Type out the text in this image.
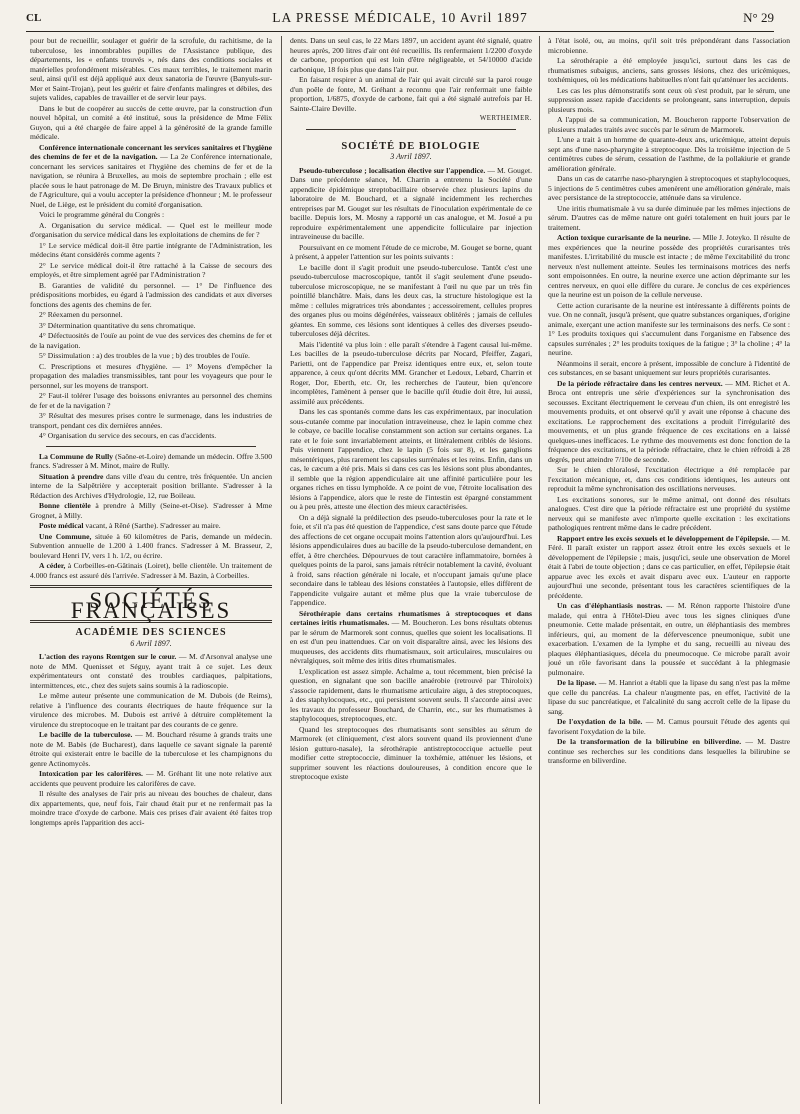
CL	LA PRESSE MÉDICALE, 10 Avril 1897	N° 29

pour but de recueillir, soulager et guérir de la scrofule, du rachitisme, de la tuberculose, les innombrables pupilles de l'Assistance publique, des départements, les « enfants trouvés », nés dans des conditions sociales et matérielles profondément misérables. Ces maux terribles, le traitement marin seul, ainsi qu'il est déjà appliqué aux deux sanatoria de l'œuvre (Banyuls-sur-Mer et Saint-Trojan), peut les guérir et faire d'enfants malingres et débiles, des sujets valides, capables de travailler et de servir leur pays.

Dans le but de coopérer au succès de cette œuvre, par la construction d'un nouvel hôpital, un comité a été institué, sous la présidence de Mme Félix Guyon, qui a été chargée de faire appel à la générosité de la grande famille médicale.

Conférence internationale concernant les services sanitaires et l'hygiène des chemins de fer et de la navigation. — La 2e Conférence internationale, concernant les services sanitaires et l'hygiène des chemins de fer et de la navigation, se réunira à Bruxelles, au mois de septembre prochain ; elle est placée sous le haut patronage de M. De Bruyn, ministre des Travaux publics et de l'Agriculture, qui a voulu accepter la présidence d'honneur ; M. le professeur Nuel, de Liège, est le président du comité d'organisation.

Voici le programme général du Congrès :

A. Organisation du service médical. — Quel est le meilleur mode d'organisation du service médical dans les exploitations de chemins de fer ?

1° Le service médical doit-il être partie intégrante de l'Administration, les médecins étant considérés comme agents ?

2° Le service médical doit-il être rattaché à la Caisse de secours des employés, et être simplement agréé par l'Administration ?

B. Garanties de validité du personnel. — 1° De l'influence des prédispositions morbides, eu égard à l'admission des candidats et aux diverses fonctions des agents des chemins de fer.

2° Réexamen du personnel.

3° Détermination quantitative du sens chromatique.

4° Défectuosités de l'ouïe au point de vue des services des chemins de fer et de la navigation.

5° Dissimulation : a) des troubles de la vue ; b) des troubles de l'ouïe.

C. Prescriptions et mesures d'hygiène. — 1° Moyens d'empêcher la propagation des maladies transmissibles, tant pour les voyageurs que pour le personnel, sur les moyens de transport.

2° Faut-il tolérer l'usage des boissons enivrantes au personnel des chemins de fer et de la navigation ?

3° Résultat des mesures prises contre le surmenage, dans les industries de transport, pendant ces dix dernières années.

4° Organisation du service des secours, en cas d'accidents.

La Commune de Rully (Saône-et-Loire) demande un médecin. Offre 3.500 francs. S'adresser à M. Minot, maire de Rully.

Situation à prendre dans ville d'eau du centre, très fréquentée. Un ancien interne de la Salpêtrière y accepterait position brillante. S'adresser à la Rédaction des Archives d'Hydrologie, 12, rue Boileau.

Bonne clientèle à prendre à Milly (Seine-et-Oise). S'adresser à Mme Grognet, à Milly.

Poste médical vacant, à Rêné (Sarthe). S'adresser au maire.

Une Commune, située à 60 kilomètres de Paris, demande un médecin. Subvention annuelle de 1.200 à 1.400 francs. S'adresser à M. Brasseur, 2, boulevard Henri IV, vers 1 h. 1/2, ou écrire.

A céder, à Corbeilles-en-Gâtinais (Loiret), belle clientèle. Un traitement de 4.000 francs est assuré dès l'arrivée. S'adresser à M. Bazin, à Corbeilles.

SOCIÉTÉS FRANÇAISES
ACADÉMIE DES SCIENCES
6 Avril 1897.

L'action des rayons Rœntgen sur le cœur. — M. d'Arsonval analyse une note de MM. Quenisset et Séguy, ayant trait à ce sujet. Les deux expérimentateurs ont constaté des troubles cardiaques, palpitations, intermittences, etc., chez des sujets sains soumis à la radioscopie.

Le même auteur présente une communication de M. Dubois (de Reims), relative à l'influence des courants électriques de haute fréquence sur la virulence des microbes. M. Dubois est arrivé à détruire complètement la virulence du streptocoque en le traitant par des courants de ce genre.

Le bacille de la tuberculose. — M. Bouchard résume à grands traits une note de M. Babès (de Bucharest), dans laquelle ce savant signale la parenté étroite qui existerait entre le bacille de la tuberculose et les champignons du genre Actinomycès.

Intoxication par les calorifères. — M. Gréhant lit une note relative aux accidents que peuvent produire les calorifères de cave.

Il résulte des analyses de l'air pris au niveau des bouches de chaleur, dans dix appartements, que, neuf fois, l'air chaud était pur et ne renfermait pas la moindre trace d'oxyde de carbone. Mais ces prises d'air avaient été faites trop longtemps après l'apparition des acci-

dents. Dans un seul cas, le 22 Mars 1897, un accident ayant été signalé, quatre heures après, 200 litres d'air ont été recueillis. Ils renfermaient 1/2200 d'oxyde de carbone, proportion qui est loin d'être négligeable, et 54/10000 d'acide carbonique, 18 fois plus que dans l'air pur.

En faisant respirer à un animal de l'air qui avait circulé sur la paroi rouge d'un poêle de fonte, M. Gréhant a reconnu que l'air renfermait une faible proportion, 1/6875, d'oxyde de carbone, fait qui a été signalé autrefois par H. Sainte-Claire Deville.

WERTHEIMER.

SOCIÉTÉ DE BIOLOGIE
3 Avril 1897.

Pseudo-tuberculose ; localisation élective sur l'appendice. — M. Gouget. Dans une précédente séance, M. Charrin a entretenu la Société d'une appendicite épidémique streptobacillaire observée chez plusieurs lapins du laboratoire de M. Bouchard, et a signalé incidemment les recherches entreprises par M. Gouget sur les résultats de l'inoculation expérimentale de ce bacille. Depuis lors, M. Mosny a rapporté un cas analogue, et M. Josué a pu reproduire expérimentalement une appendicite folliculaire par injection intraveineuse du bacille.

Poursuivant en ce moment l'étude de ce microbe, M. Gouget se borne, quant à présent, à appeler l'attention sur les points suivants :

Le bacille dont il s'agit produit une pseudo-tuberculose. Tantôt c'est une pseudo-tuberculose macroscopique, tantôt il s'agit seulement d'une pseudo-tuberculose microscopique, ne se manifestant à l'œil nu que par un très fin pointillé blanchâtre. Mais, dans les deux cas, la structure histologique est la même : cellules migratrices très abondantes ; accessoirement, cellules propres des organes plus ou moins dégénérées, vaisseaux oblitérés ; jamais de cellules géantes. En somme, ces lésions sont identiques à celles des diverses pseudo-tuberculoses déjà décrites.

Mais l'identité va plus loin : elle paraît s'étendre à l'agent causal lui-même. Les bacilles de la pseudo-tuberculose décrits par Nocard, Pfeiffer, Zagari, Parietti, ont de l'appendice par Preisz identiques entre eux, et, selon toute apparence, à ceux qu'ont décrits MM. Grancher et Ledoux, Lebard, Charrin et Roger, Dor, Eberth, etc. Or, les recherches de l'auteur, bien qu'encore incomplètes, l'amènent à penser que le bacille qu'il étudie doit être, lui aussi, assimilé aux précédents.

Dans les cas spontanés comme dans les cas expérimentaux, par inoculation sous-cutanée comme par inoculation intraveineuse, chez le lapin comme chez le cobaye, ce bacille localise constamment son action sur certains organes. La rate et le foie sont invariablement atteints, et littéralement criblés de lésions. Puis viennent l'appendice, chez le lapin (5 fois sur 8), et les ganglions mésentériques, plus rarement les capsules surrénales et les reins. Enfin, dans un cas, le cæcum a été pris. Mais si dans ces cas les lésions sont plus abondantes, il semble que la région appendiculaire ait une affinité particulière pour les organes riches en tissu lymphoïde. A ce point de vue, l'étroite localisation des lésions à l'appendice, alors que le reste de l'intestin est épargné constamment ou à peu près, atteste une élection des mieux caractérisées.

On a déjà signalé la prédilection des pseudo-tuberculoses pour la rate et le foie, et s'il n'a pas été question de l'appendice, c'est sans doute parce que l'étude des affections de cet organe occupait moins l'attention alors qu'aujourd'hui. Les lésions appendiculaires dues au bacille de la pseudo-tuberculose demandent, en effet, à être cherchées. Dépourvues de tout caractère inflammatoire, bornées à quelques points de la paroi, sans jamais rétrécir notablement la cavité, évoluant à froid, sans réaction générale ni locale, et n'occupant jamais qu'une place secondaire dans le tableau des lésions constatées à l'autopsie, elles diffèrent de l'appendicite vulgaire autant et même plus que la vraie tuberculose de l'appendice.

Sérothérapie dans certains rhumatismes à streptocoques et dans certaines iritis rhumatismales. — M. Boucheron. Les bons résultats obtenus par le sérum de Marmorek sont connus, quelles que soient les localisations. Il en est d'un peu inattendues. Car on voit disparaître ainsi, avec les lésions des muqueuses, des accidents dits rhumatismaux, soit articulaires, musculaires ou névralgiques, soit même des iritis dites rhumatismales.

L'explication est assez simple. Achalme a, tout récemment, bien précisé la question, en signalant que son bacille anaérobie (retrouvé par Thiroloix) s'associe rapidement, dans le rhumatisme articulaire aigu, à des streptocoques, à des staphylocoques, etc., qui persistent souvent seuls. Il s'accorde ainsi avec les travaux du professeur Bouchard, de Charrin, etc., sur les rhumatismes à staphylocoques, streptocoques, etc.

Quand les streptocoques des rhumatisants sont sensibles au sérum de Marmorek (et cliniquement, c'est alors souvent quand ils proviennent d'une lésion gutturo-nasale), la sérothérapie antistreptococcique actuelle peut modifier cette streptococcie, diminuer la toxhémie, atténuer les lésions, et supprimer souvent les réactions douloureuses, à condition encore que le streptocoque existe

à l'état isolé, ou, au moins, qu'il soit très prépondérant dans l'association microbienne.

La sérothérapie a été employée jusqu'ici, surtout dans les cas de rhumatismes subaigus, anciens, sans grosses lésions, chez des uricémiques, toxhémiques, où les médications habituelles n'ont fait qu'atténuer les accidents.

Les cas les plus démonstratifs sont ceux où s'est produit, par le sérum, une suppression assez rapide d'accidents se prolongeant, sans interruption, depuis plusieurs mois.

A l'appui de sa communication, M. Boucheron rapporte l'observation de plusieurs malades traités avec succès par le sérum de Marmorek.

L'une a trait à un homme de quarante-deux ans, uricémique, atteint depuis sept ans d'une naso-pharyngite à streptocoque. Dès la troisième injection de 5 centimètres cubes de sérum, cessation de l'asthme, de la pollakiurie et grande amélioration générale.

Dans un cas de catarrhe naso-pharyngien à streptocoques et staphylocoques, 5 injections de 5 centimètres cubes amenèrent une amélioration générale, mais avec persistance de la streptococcie, atténuée dans sa virulence.

Une iritis rhumatismale à vu sa durée diminuée par les mêmes injections de sérum. D'autres cas de même nature ont guéri totalement en huit jours par le traitement.

Action toxique curarisante de la neurine. — Mlle J. Joteyko. Il résulte de mes expériences que la neurine possède des propriétés curarisantes très manifestes. L'irritabilité du muscle est intacte ; de même l'excitabilité du tronc nerveux n'est nullement atteinte. Seules les terminaisons motrices des nerfs sont empoisonnées. En outre, la neurine exerce une action déprimante sur les centres nerveux, en quoi elle diffère du curare. Je conclus de ces expériences que la neurine est un poison de la cellule nerveuse.

Cette action curarisante de la neurine est intéressante à différents points de vue. On ne connaît, jusqu'à présent, que quatre substances organiques, d'origine animale, exerçant une action manifeste sur les terminaisons des nerfs. Ce sont : 1° Les produits toxiques qui s'accumulent dans l'organisme en l'absence des capsules surrénales ; 2° les produits toxiques de la fatigue ; 3° la choline ; 4° la neurine.

Néanmoins il serait, encore à présent, impossible de conclure à l'identité de ces substances, en se basant uniquement sur leurs propriétés curarisantes.

De la période réfractaire dans les centres nerveux. — MM. Richet et A. Broca ont entrepris une série d'expériences sur la synchronisation des secousses. Excitant électriquement le cerveau d'un chien, ils ont enregistré les mouvements produits, et ont observé qu'il y avait une réponse à chacune des excitations. Le rapprochement des excitations a produit l'irrégularité des mouvements, et un plus grande fréquence de ces excitations en a laissé quelques-unes inefficaces. Le rythme des mouvements est donc fonction de la fréquence des excitations, et la période réfractaire, chez le chien réfroidi à 28 degrés, peut atteindre 7/10e de seconde.

Sur le chien chloralosé, l'excitation électrique a été remplacée par l'excitation mécanique, et, dans ces conditions identiques, les auteurs ont reproduit la même synchronisation des oscillations nerveuses.

Les excitations sonores, sur le même animal, ont donné des résultats analogues. C'est dire que la période réfractaire est une propriété du système nerveux qui se manifeste avec n'importe quelle excitation : les excitations pathologiques rentrent même dans le cadre précédent.

Rapport entre les excès sexuels et le développement de l'épilepsie. — M. Féré. Il paraît exister un rapport assez étroit entre les excès sexuels et le développement de l'épilepsie ; mais, jusqu'ici, seule une observation de Morel était à l'abri de toute objection ; dans ce cas particulier, en effet, l'épilepsie était apparue avec les excès et avait disparu avec eux. L'auteur en rapporte aujourd'hui une seconde, présentant tous les caractères scientifiques de la précédente.

Un cas d'éléphantiasis nostras. — M. Rénon rapporte l'histoire d'une malade, qui entra à l'Hôtel-Dieu avec tous les signes cliniques d'une pneumonie. Cette malade présentait, en outre, un éléphantiasis des membres inférieurs, qui, au moment de la défervescence pneumonique, subit une exacerbation. L'examen de la lymphe et du sang, recueilli au niveau des plaques éléphantiasiques, décela du pneumocoque. Ce microbe paraît avoir joué un rôle favorisant dans la poussée et succédant à la phlegmasie pulmonaire.

De la lipase. — M. Hanriot a établi que la lipase du sang n'est pas la même que celle du pancréas. La chaleur n'augmente pas, en effet, l'activité de la lipase du suc pancréatique, et l'alcalinité du sang accroît celle de la lipase du sang.

De l'oxydation de la bile. — M. Camus poursuit l'étude des agents qui favorisent l'oxydation de la bile.

De la transformation de la bilirubine en biliverdine. — M. Dastre continue ses recherches sur les conditions dans lesquelles la bilirubine se transforme en biliverdine.
